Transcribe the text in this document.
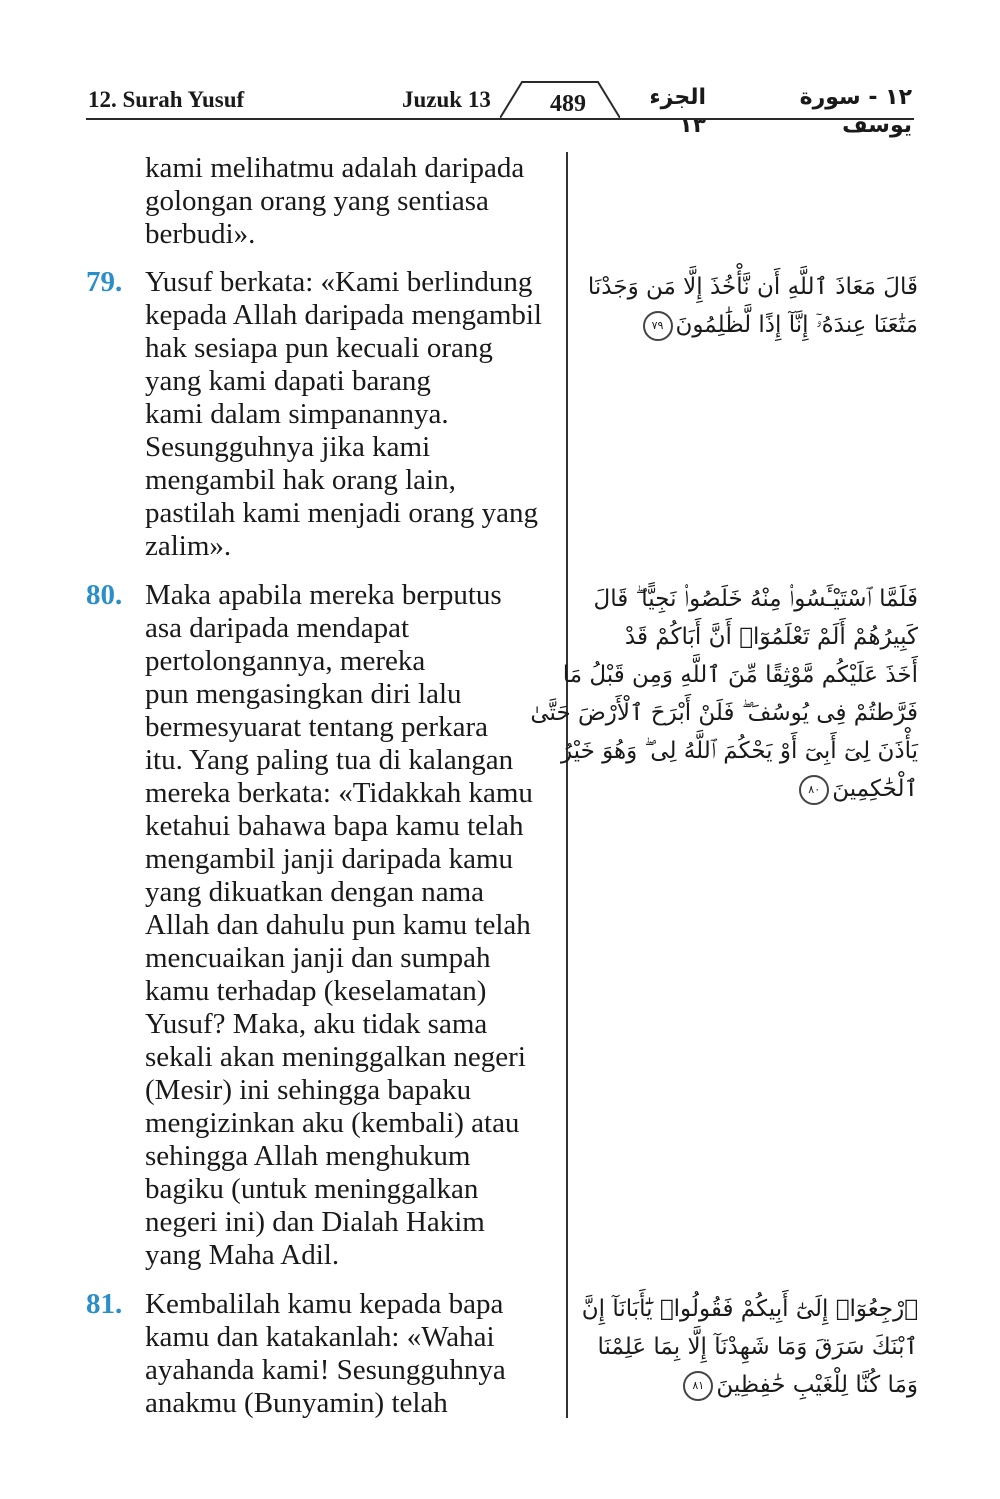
12. Surah Yusuf	Juzuk 13	489	الجزء ١٣
١٢ - سورة يوسف
kami melihatmu adalah daripada
golongan orang yang sentiasa
berbudi».
79. Yusuf berkata: «Kami berlindung
kepada Allah daripada mengambil
hak sesiapa pun kecuali orang
yang kami dapati barang
kami dalam simpanannya.
Sesungguhnya jika kami
mengambil hak orang lain,
pastilah kami menjadi orang yang
zalim».
قَالَ مَعَاذَ ٱللَّهِ أَن نَّأْخُذَ إِلَّا مَن وَجَدْنَا
مَتَٰعَنَا عِندَهُۥٓ إِنَّآ إِذًا لَّظَٰلِمُونَ٧٩
80. Maka apabila mereka berputus
asa daripada mendapat
pertolongannya, mereka
pun mengasingkan diri lalu
bermesyuarat tentang perkara
itu. Yang paling tua di kalangan
mereka berkata: «Tidakkah kamu
ketahui bahawa bapa kamu telah
mengambil janji daripada kamu
yang dikuatkan dengan nama
Allah dan dahulu pun kamu telah
mencuaikan janji dan sumpah
kamu terhadap (keselamatan)
Yusuf? Maka, aku tidak sama
sekali akan meninggalkan negeri
(Mesir) ini sehingga bapaku
mengizinkan aku (kembali) atau
sehingga Allah menghukum
bagiku (untuk meninggalkan
negeri ini) dan Dialah Hakim
yang Maha Adil.
فَلَمَّا ٱسْتَيْـَٔسُوا۟ مِنْهُ خَلَصُوا۟ نَجِيًّا ۖ قَالَ
كَبِيرُهُمْ أَلَمْ تَعْلَمُوٓا۟ أَنَّ أَبَاكُمْ قَدْ
أَخَذَ عَلَيْكُم مَّوْثِقًا مِّنَ ٱللَّهِ وَمِن قَبْلُ مَا
فَرَّطتُمْ فِى يُوسُفَ ۖ فَلَنْ أَبْرَحَ ٱلْأَرْضَ حَتَّىٰ
يَأْذَنَ لِىٓ أَبِىٓ أَوْ يَحْكُمَ ٱللَّهُ لِى ۖ وَهُوَ خَيْرُ
ٱلْحَٰكِمِينَ٨٠
81. Kembalilah kamu kepada bapa
kamu dan katakanlah: «Wahai
ayahanda kami! Sesungguhnya
anakmu (Bunyamin) telah
ٱرْجِعُوٓا۟ إِلَىٰٓ أَبِيكُمْ فَقُولُوا۟ يَٰٓأَبَانَآ إِنَّ
ٱبْنَكَ سَرَقَ وَمَا شَهِدْنَآ إِلَّا بِمَا عَلِمْنَا
وَمَا كُنَّا لِلْغَيْبِ حَٰفِظِينَ٨١
